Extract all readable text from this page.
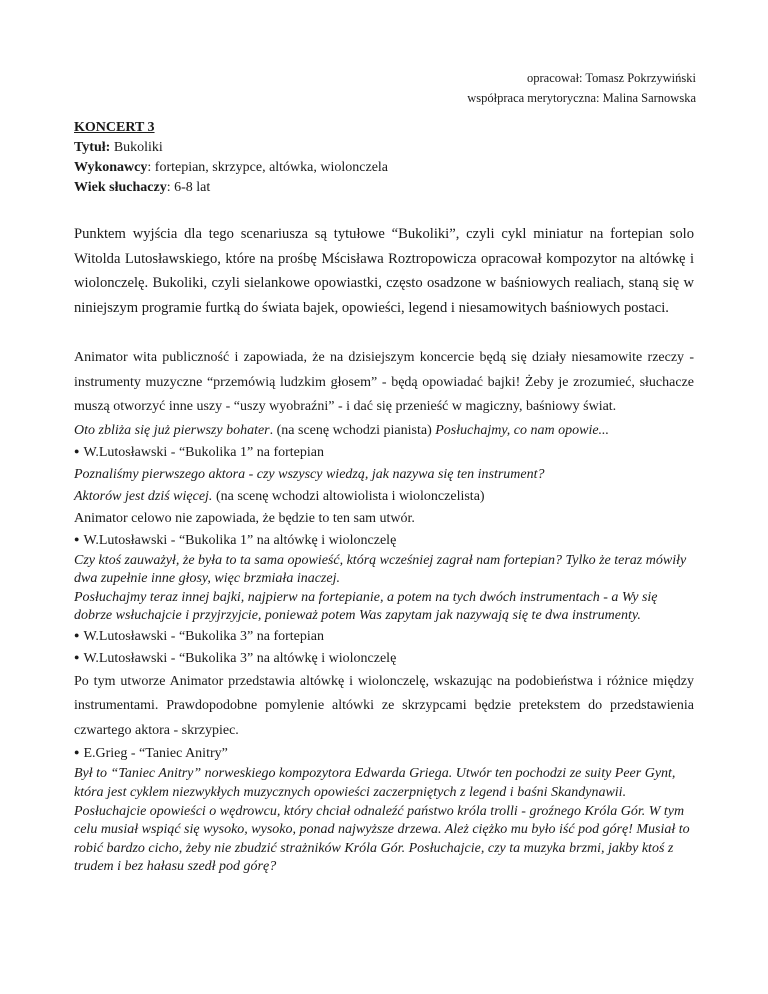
opracował: Tomasz Pokrzywiński
współpraca merytoryczna: Malina Sarnowska
KONCERT 3
Tytuł: Bukoliki
Wykonawcy: fortepian, skrzypce, altówka, wiolonczela
Wiek słuchaczy: 6-8 lat

Punktem wyjścia dla tego scenariusza są tytułowe “Bukoliki”, czyli cykl miniatur na fortepian solo Witolda Lutosławskiego, które na prośbę Mścisława Roztropowicza opracował kompozytor na altówkę i wiolonczelę. Bukoliki, czyli sielankowe opowiastki, często osadzone w baśniowych realiach, staną się w niniejszym programie furtką do świata bajek, opowieści, legend i niesamowitych baśniowych postaci.

Animator wita publiczność i zapowiada, że na dzisiejszym koncercie będą się działy niesamowite rzeczy - instrumenty muzyczne “przemówią ludzkim głosem” - będą opowiadać bajki! Żeby je zrozumieć, słuchacze muszą otworzyć inne uszy - “uszy wyobraźni” - i dać się przenieść w magiczny, baśniowy świat.

Oto zbliża się już pierwszy bohater. (na scenę wchodzi pianista) Posłuchajmy, co nam opowie...

● W.Lutosławski - “Bukolika 1” na fortepian

Poznaliśmy pierwszego aktora - czy wszyscy wiedzą, jak nazywa się ten instrument?

Aktorów jest dziś więcej. (na scenę wchodzi altowiolista i wiolonczelista)

Animator celowo nie zapowiada, że będzie to ten sam utwór.

● W.Lutosławski - “Bukolika 1” na altówkę i wiolonczelę

Czy ktoś zauważył, że była to ta sama opowieść, którą wcześniej zagrał nam fortepian? Tylko że teraz mówiły dwa zupełnie inne głosy, więc brzmiała inaczej.

Posłuchajmy teraz innej bajki, najpierw na fortepianie, a potem na tych dwóch instrumentach - a Wy się dobrze wsłuchajcie i przyjrzyjcie, ponieważ potem Was zapytam jak nazywają się te dwa instrumenty.

● W.Lutosławski - “Bukolika 3” na fortepian

● W.Lutosławski - “Bukolika 3” na altówkę i wiolonczelę

Po tym utworze Animator przedstawia altówkę i wiolonczelę, wskazując na podobieństwa i różnice między instrumentami. Prawdopodobne pomylenie altówki ze skrzypcami będzie pretekstem do przedstawienia czwartego aktora - skrzypiec.

● E.Grieg - “Taniec Anitry”

Był to “Taniec Anitry” norweskiego kompozytora Edwarda Griega. Utwór ten pochodzi ze suity Peer Gynt, która jest cyklem niezwykłych muzycznych opowieści zaczerpniętych z legend i baśni Skandynawii.

Posłuchajcie opowieści o wędrowcu, który chciał odnaleźć państwo króla trolli - groźnego Króla Gór. W tym celu musiał wspiąć się wysoko, wysoko, ponad najwyższe drzewa. Ależ ciężko mu było iść pod górę! Musiał to robić bardzo cicho, żeby nie zbudzić strażników Króla Gór. Posłuchajcie, czy ta muzyka brzmi, jakby ktoś z trudem i bez hałasu szedł pod górę?
